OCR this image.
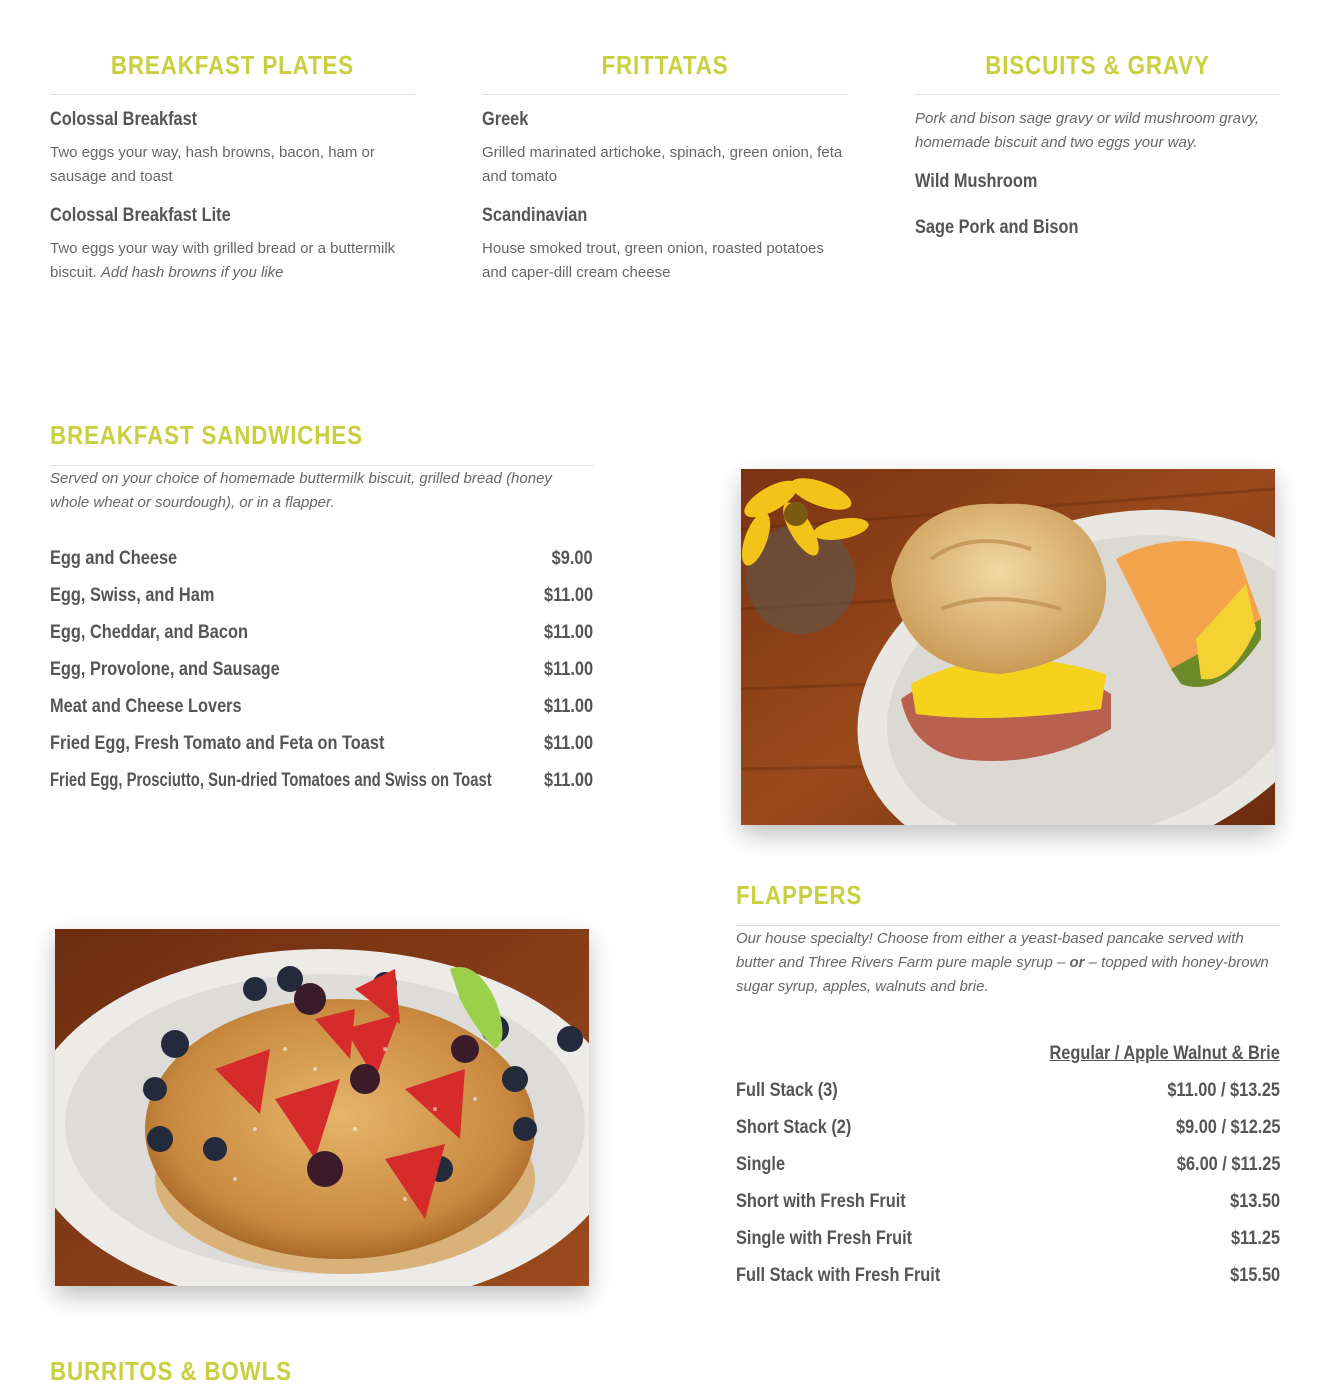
BREAKFAST PLATES
Colossal Breakfast
Two eggs your way, hash browns, bacon, ham or sausage and toast
Colossal Breakfast Lite
Two eggs your way with grilled bread or a buttermilk biscuit. Add hash browns if you like
FRITTATAS
Greek
Grilled marinated artichoke, spinach, green onion, feta and tomato
Scandinavian
House smoked trout, green onion, roasted potatoes and caper-dill cream cheese
BISCUITS & GRAVY
Pork and bison sage gravy or wild mushroom gravy, homemade biscuit and two eggs your way.
Wild Mushroom
Sage Pork and Bison
BREAKFAST SANDWICHES
Served on your choice of homemade buttermilk biscuit, grilled bread (honey whole wheat or sourdough), or in a flapper.
Egg and Cheese	$9.00
Egg, Swiss, and Ham	$11.00
Egg, Cheddar, and Bacon	$11.00
Egg, Provolone, and Sausage	$11.00
Meat and Cheese Lovers	$11.00
Fried Egg, Fresh Tomato and Feta on Toast	$11.00
Fried Egg, Prosciutto, Sun-dried Tomatoes and Swiss on Toast	$11.00
FLAPPERS
Our house specialty! Choose from either a yeast-based pancake served with butter and Three Rivers Farm pure maple syrup – or – topped with honey-brown sugar syrup, apples, walnuts and brie.
Regular / Apple Walnut & Brie
Full Stack (3)	$11.00 / $13.25
Short Stack (2)	$9.00 / $12.25
Single	$6.00 / $11.25
Short with Fresh Fruit	$13.50
Single with Fresh Fruit	$11.25
Full Stack with Fresh Fruit	$15.50
BURRITOS & BOWLS
